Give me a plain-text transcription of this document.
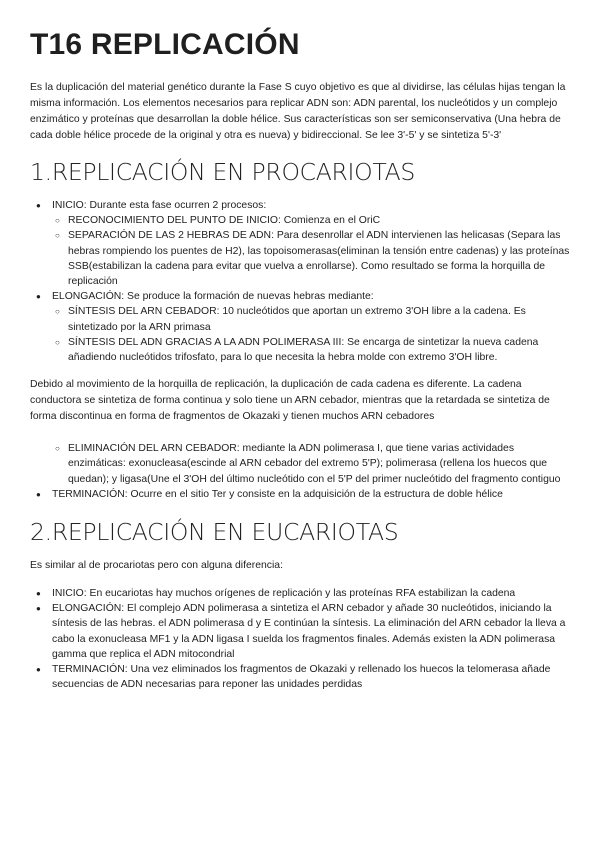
T16 REPLICACIÓN

Es la duplicación del material genético durante la Fase S cuyo objetivo es que al dividirse, las células hijas tengan la misma información. Los elementos necesarios para replicar ADN son: ADN parental, los nucleótidos y un complejo enzimático y proteínas que desarrollan la doble hélice. Sus características son ser semiconservativa (Una hebra de cada doble hélice procede de la original y otra es nueva) y bidireccional. Se lee 3'-5' y se sintetiza 5'-3'

1.REPLICACIÓN EN PROCARIOTAS
● INICIO: Durante esta fase ocurren 2 procesos:
○ RECONOCIMIENTO DEL PUNTO DE INICIO: Comienza en el OriC
○ SEPARACIÓN DE LAS 2 HEBRAS DE ADN: Para desenrollar el ADN intervienen las helicasas (Separa las hebras rompiendo los puentes de H2), las topoisomerasas(eliminan la tensión entre cadenas) y las proteínas SSB(estabilizan la cadena para evitar que vuelva a enrollarse). Como resultado se forma la horquilla de replicación
● ELONGACIÓN: Se produce la formación de nuevas hebras mediante:
○ SÍNTESIS DEL ARN CEBADOR: 10 nucleótidos que aportan un extremo 3'OH libre a la cadena. Es sintetizado por la ARN primasa
○ SÍNTESIS DEL ADN GRACIAS A LA ADN POLIMERASA III: Se encarga de sintetizar la nueva cadena añadiendo nucleótidos trifosfato, para lo que necesita la hebra molde con extremo 3'OH libre.

Debido al movimiento de la horquilla de replicación, la duplicación de cada cadena es diferente. La cadena conductora se sintetiza de forma continua y solo tiene un ARN cebador, mientras que la retardada se sintetiza de forma discontinua en forma de fragmentos de Okazaki y tienen muchos ARN cebadores

○ ELIMINACIÓN DEL ARN CEBADOR: mediante la ADN polimerasa I, que tiene varias actividades enzimáticas: exonucleasa(escinde al ARN cebador del extremo 5'P); polimerasa (rellena los huecos que quedan); y ligasa(Une el 3'OH del último nucleótido con el 5'P del primer nucleótido del fragmento contiguo
● TERMINACIÓN: Ocurre en el sitio Ter y consiste en la adquisición de la estructura de doble hélice
2.REPLICACIÓN EN EUCARIOTAS

Es similar al de procariotas pero con alguna diferencia:

● INICIO: En eucariotas hay muchos orígenes de replicación y las proteínas RFA estabilizan la cadena
● ELONGACIÓN: El complejo ADN polimerasa a sintetiza el ARN cebador y añade 30 nucleótidos, iniciando la síntesis de las hebras. el ADN polimerasa d y E continúan la síntesis. La eliminación del ARN cebador la lleva a cabo la exonucleasa MF1 y la ADN ligasa I suelda los fragmentos finales. Además existen la ADN polimerasa gamma que replica el ADN mitocondrial
● TERMINACIÓN: Una vez eliminados los fragmentos de Okazaki y rellenado los huecos la telomerasa añade secuencias de ADN necesarias para reponer las unidades perdidas
